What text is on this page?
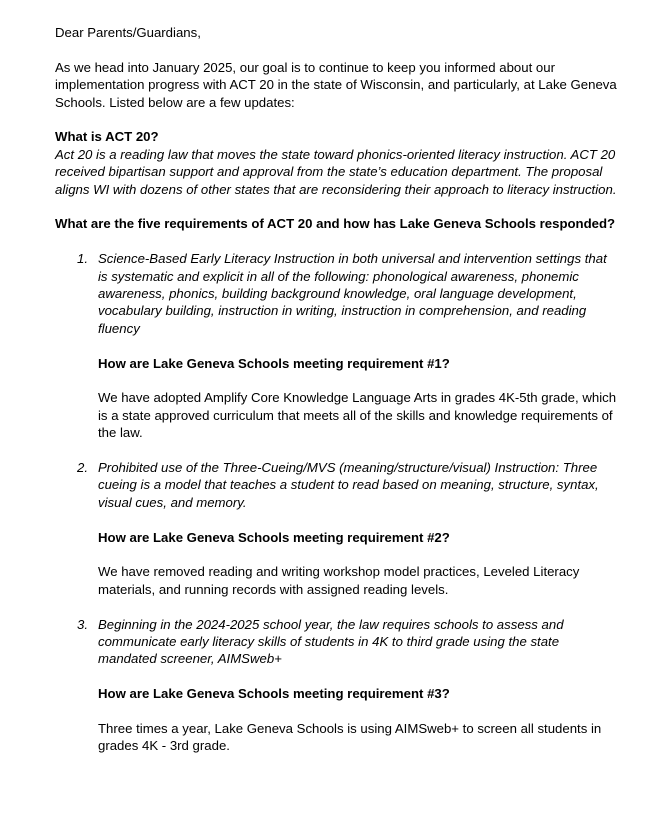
Dear Parents/Guardians,

As we head into January 2025, our goal is to continue to keep you informed about our implementation progress with ACT 20 in the state of Wisconsin, and particularly, at Lake Geneva Schools. Listed below are a few updates:

What is ACT 20?

Act 20 is a reading law that moves the state toward phonics-oriented literacy instruction. ACT 20 received bipartisan support and approval from the state’s education department. The proposal aligns WI with dozens of other states that are reconsidering their approach to literacy instruction.

What are the five requirements of ACT 20 and how has Lake Geneva Schools responded?

1. Science-Based Early Literacy Instruction in both universal and intervention settings that is systematic and explicit in all of the following: phonological awareness, phonemic awareness, phonics, building background knowledge, oral language development, vocabulary building, instruction in writing, instruction in comprehension, and reading fluency

How are Lake Geneva Schools meeting requirement #1?

We have adopted Amplify Core Knowledge Language Arts in grades 4K-5th grade, which is a state approved curriculum that meets all of the skills and knowledge requirements of the law.

2. Prohibited use of the Three-Cueing/MVS (meaning/structure/visual) Instruction: Three cueing is a model that teaches a student to read based on meaning, structure, syntax, visual cues, and memory.

How are Lake Geneva Schools meeting requirement #2?

We have removed reading and writing workshop model practices, Leveled Literacy materials, and running records with assigned reading levels.

3. Beginning in the 2024-2025 school year, the law requires schools to assess and communicate early literacy skills of students in 4K to third grade using the state mandated screener, AIMSweb+

How are Lake Geneva Schools meeting requirement #3?

Three times a year, Lake Geneva Schools is using AIMSweb+ to screen all students in grades 4K - 3rd grade.
